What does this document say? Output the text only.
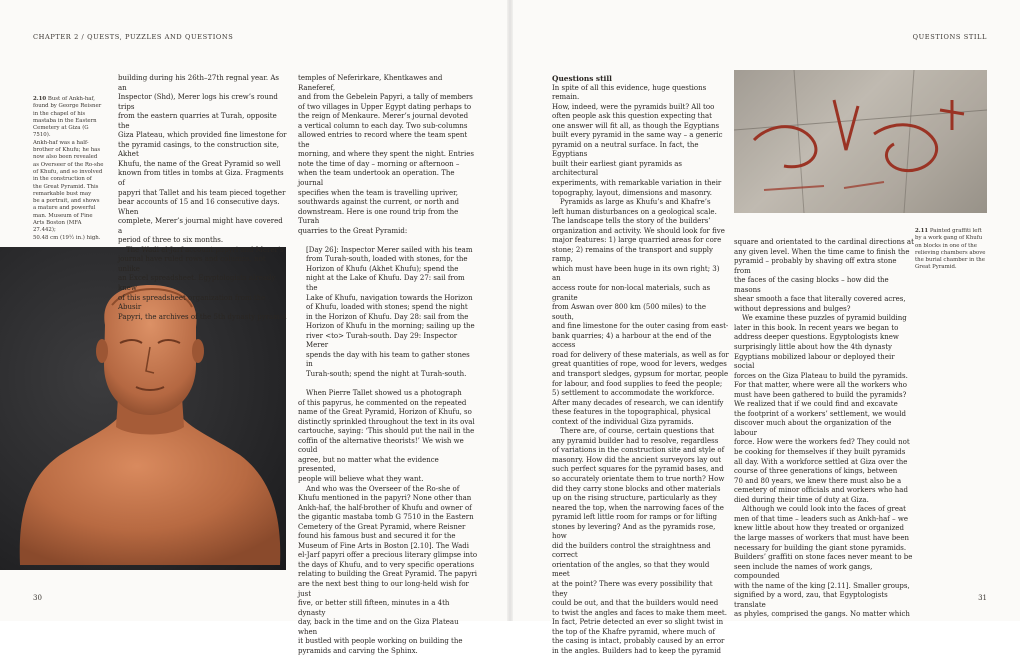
CHAPTER 2 / QUESTS, PUZZLES AND QUESTIONS
2.10 Bust of Ankh-haf,
found by George Reisner
in the chapel of his
mastaba in the Eastern
Cemetery at Giza (G 7510).
Ankh-haf was a half-
brother of Khufu; he has
now also been revealed
as Overseer of the Ro-she
of Khufu, and so involved
in the construction of
the Great Pyramid. This
remarkable bust may
be a portrait, and shows
a mature and powerful
man. Museum of Fine
Arts Boston (MFA 27.442);
50.48 cm (19½ in.) high.

building during his 26th–27th regnal year. As an
Inspector (Shd), Merer logs his crew’s round trips
from the eastern quarries at Turah, opposite the
Giza Plateau, which provided fine limestone for
the pyramid casings, to the construction site, Akhet
Khufu, the name of the Great Pyramid so well
known from titles in tombs at Giza. Fragments of
papyri that Tallet and his team pieced together
bear accounts of 15 and 16 consecutive days. When
complete, Merer’s journal might have covered a
period of three to six months.

The Wadi el-Jarf account papyri and Merer’s
journal have ruled rows and columns, not unlike
an Excel spreadsheet. Egyptologists already knew
of this spreadsheet organization from the Abusir
Papyri, the archives of the 5th dynasty pyramid

temples of Neferirkare, Khentkawes and Raneferef,
and from the Gebelein Papyri, a tally of members
of two villages in Upper Egypt dating perhaps to
the reign of Menkaure. Merer’s journal devoted
a vertical column to each day. Two sub-columns
allowed entries to record where the team spent the
morning, and where they spent the night. Entries
note the time of day – morning or afternoon –
when the team undertook an operation. The journal
specifies when the team is travelling upriver,
southwards against the current, or north and
downstream. Here is one round trip from the Turah
quarries to the Great Pyramid:

[Day 26]: Inspector Merer sailed with his team
from Turah-south, loaded with stones, for the
Horizon of Khufu (Akhet Khufu); spend the
night at the Lake of Khufu. Day 27: sail from the
Lake of Khufu, navigation towards the Horizon
of Khufu, loaded with stones; spend the night
in the Horizon of Khufu. Day 28: sail from the
Horizon of Khufu in the morning; sailing up the
river <to> Turah-south. Day 29: Inspector Merer
spends the day with his team to gather stones in
Turah-south; spend the night at Turah-south.

When Pierre Tallet showed us a photograph
of this papyrus, he commented on the repeated
name of the Great Pyramid, Horizon of Khufu, so
distinctly sprinkled throughout the text in its oval
cartouche, saying: ‘This should put the nail in the
coffin of the alternative theorists!’ We wish we could
agree, but no matter what the evidence presented,
people will believe what they want.

And who was the Overseer of the Ro-she of
Khufu mentioned in the papyri? None other than
Ankh-haf, the half-brother of Khufu and owner of
the gigantic mastaba tomb G 7510 in the Eastern
Cemetery of the Great Pyramid, where Reisner
found his famous bust and secured it for the
Museum of Fine Arts in Boston [2.10]. The Wadi
el-Jarf papyri offer a precious literary glimpse into
the days of Khufu, and to very specific operations
relating to building the Great Pyramid. The papyri
are the next best thing to our long-held wish for just
five, or better still fifteen, minutes in a 4th dynasty
day, back in the time and on the Giza Plateau when
it bustled with people working on building the
pyramids and carving the Sphinx.

30
QUESTIONS STILL
Questions still

In spite of all this evidence, huge questions remain.
How, indeed, were the pyramids built? All too
often people ask this question expecting that
one answer will fit all, as though the Egyptians
built every pyramid in the same way – a generic
pyramid on a neutral surface. In fact, the Egyptians
built their earliest giant pyramids as architectural
experiments, with remarkable variation in their
topography, layout, dimensions and masonry.

Pyramids as large as Khufu’s and Khafre’s
left human disturbances on a geological scale.
The landscape tells the story of the builders’
organization and activity. We should look for five
major features: 1) large quarried areas for core
stone; 2) remains of the transport and supply ramp,
which must have been huge in its own right; 3) an
access route for non-local materials, such as granite
from Aswan over 800 km (500 miles) to the south,
and fine limestone for the outer casing from east-
bank quarries; 4) a harbour at the end of the access
road for delivery of these materials, as well as for
great quantities of rope, wood for levers, wedges
and transport sledges, gypsum for mortar, people
for labour, and food supplies to feed the people;
5) settlement to accommodate the workforce.
After many decades of research, we can identify
these features in the topographical, physical
context of the individual Giza pyramids.

There are, of course, certain questions that
any pyramid builder had to resolve, regardless
of variations in the construction site and style of
masonry. How did the ancient surveyors lay out
such perfect squares for the pyramid bases, and
so accurately orientate them to true north? How
did they carry stone blocks and other materials
up on the rising structure, particularly as they
neared the top, when the narrowing faces of the
pyramid left little room for ramps or for lifting
stones by levering? And as the pyramids rose, how
did the builders control the straightness and correct
orientation of the angles, so that they would meet
at the point? There was every possibility that they
could be out, and that the builders would need
to twist the angles and faces to make them meet.
In fact, Petrie detected an ever so slight twist in
the top of the Khafre pyramid, where much of
the casing is intact, probably caused by an error
in the angles. Builders had to keep the pyramid

square and orientated to the cardinal directions at
any given level. When the time came to finish the
pyramid – probably by shaving off extra stone from
the faces of the casing blocks – how did the masons
shear smooth a face that literally covered acres,
without depressions and bulges?

We examine these puzzles of pyramid building
later in this book. In recent years we began to
address deeper questions. Egyptologists knew
surprisingly little about how the 4th dynasty
Egyptians mobilized labour or deployed their social
forces on the Giza Plateau to build the pyramids.
For that matter, where were all the workers who
must have been gathered to build the pyramids?
We realized that if we could find and excavate
the footprint of a workers’ settlement, we would
discover much about the organization of the labour
force. How were the workers fed? They could not
be cooking for themselves if they built pyramids
all day. With a workforce settled at Giza over the
course of three generations of kings, between
70 and 80 years, we knew there must also be a
cemetery of minor officials and workers who had
died during their time of duty at Giza.

Although we could look into the faces of great
men of that time – leaders such as Ankh-haf – we
knew little about how they treated or organized
the large masses of workers that must have been
necessary for building the giant stone pyramids.
Builders’ graffiti on stone faces never meant to be
seen include the names of work gangs, compounded
with the name of the king [2.11]. Smaller groups,
signified by a word, zau, that Egyptologists translate
as phyles, comprised the gangs. No matter which

31
2.11 Painted graffiti left
by a work gang of Khufu
on blocks in one of the
relieving chambers above
the burial chamber in the
Great Pyramid.
